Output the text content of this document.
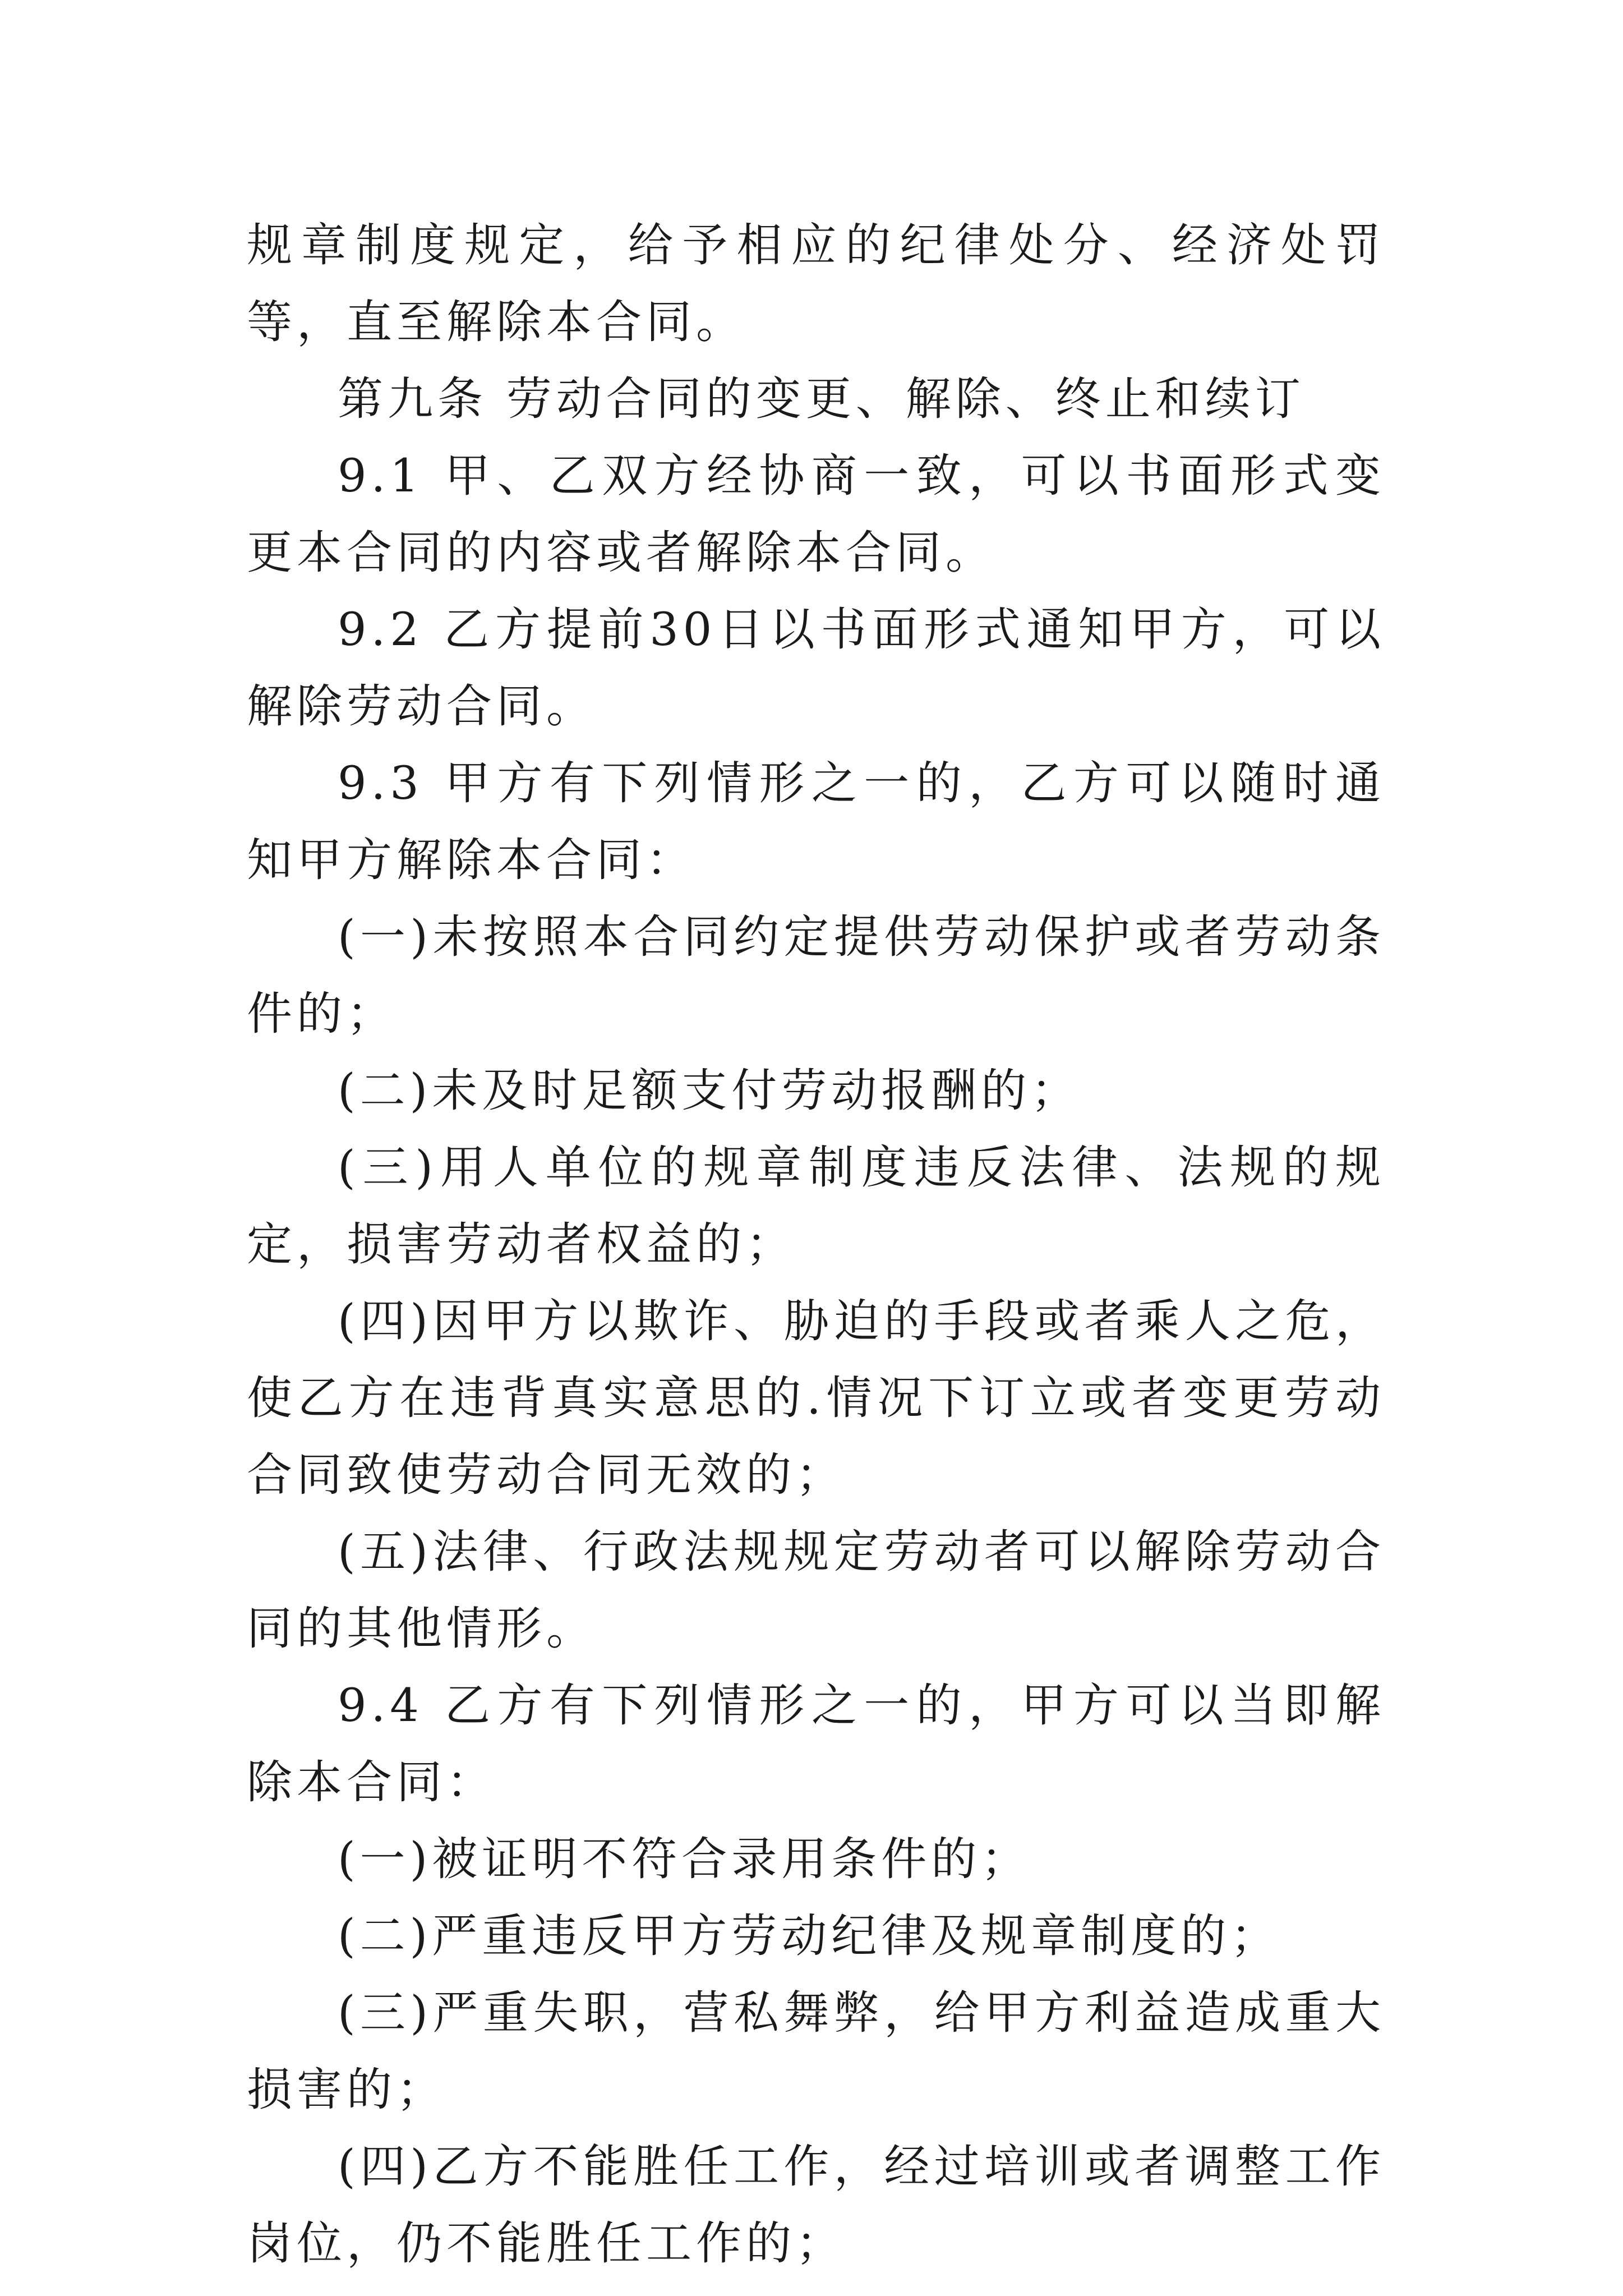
规章制度规定，给予相应的纪律处分、经济处罚等，直至解除本合同。

第九条 劳动合同的变更、解除、终止和续订

9.1 甲、乙双方经协商一致，可以书面形式变更本合同的内容或者解除本合同。

9.2 乙方提前30日以书面形式通知甲方，可以解除劳动合同。

9.3 甲方有下列情形之一的，乙方可以随时通知甲方解除本合同：

(一)未按照本合同约定提供劳动保护或者劳动条件的；

(二)未及时足额支付劳动报酬的；

(三)用人单位的规章制度违反法律、法规的规定，损害劳动者权益的；

(四)因甲方以欺诈、胁迫的手段或者乘人之危，使乙方在违背真实意思的.情况下订立或者变更劳动合同致使劳动合同无效的；

(五)法律、行政法规规定劳动者可以解除劳动合同的其他情形。

9.4 乙方有下列情形之一的，甲方可以当即解除本合同：

(一)被证明不符合录用条件的；

(二)严重违反甲方劳动纪律及规章制度的；

(三)严重失职，营私舞弊，给甲方利益造成重大损害的；

(四)乙方不能胜任工作，经过培训或者调整工作岗位，仍不能胜任工作的；
